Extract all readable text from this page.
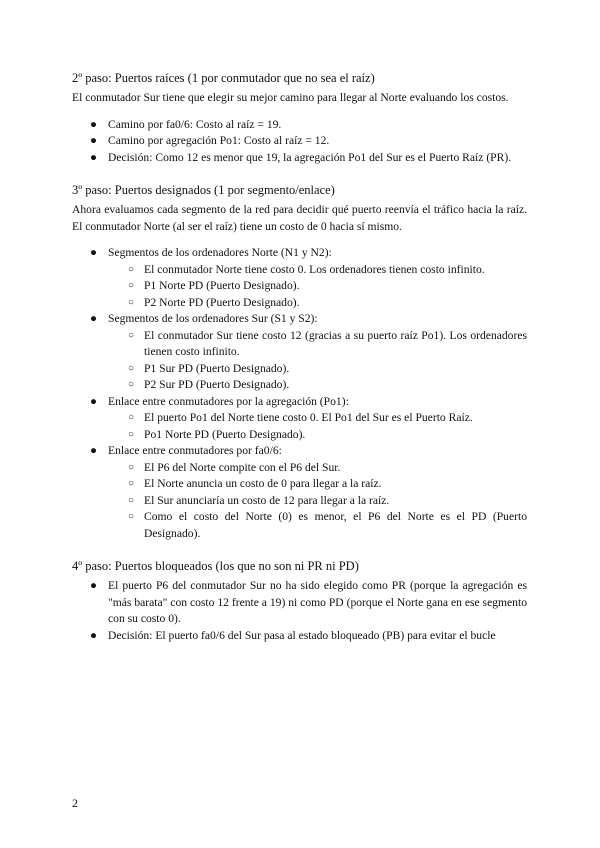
2º paso: Puertos raíces (1 por conmutador que no sea el raíz)
El conmutador Sur tiene que elegir su mejor camino para llegar al Norte evaluando los costos.
● Camino por fa0/6: Costo al raíz = 19.
● Camino por agregación Po1: Costo al raíz = 12.
● Decisión: Como 12 es menor que 19, la agregación Po1 del Sur es el Puerto Raíz (PR).
3º paso: Puertos designados (1 por segmento/enlace)
Ahora evaluamos cada segmento de la red para decidir qué puerto reenvía el tráfico hacia la raíz. El conmutador Norte (al ser el raíz) tiene un costo de 0 hacia sí mismo.
● Segmentos de los ordenadores Norte (N1 y N2):
○ El conmutador Norte tiene costo 0. Los ordenadores tienen costo infinito.
○ P1 Norte PD (Puerto Designado).
○ P2 Norte PD (Puerto Designado).
● Segmentos de los ordenadores Sur (S1 y S2):
○ El conmutador Sur tiene costo 12 (gracias a su puerto raíz Po1). Los ordenadores tienen costo infinito.
○ P1 Sur PD (Puerto Designado).
○ P2 Sur PD (Puerto Designado).
● Enlace entre conmutadores por la agregación (Po1):
○ El puerto Po1 del Norte tiene costo 0. El Po1 del Sur es el Puerto Raíz.
○ Po1 Norte PD (Puerto Designado).
● Enlace entre conmutadores por fa0/6:
○ El P6 del Norte compite con el P6 del Sur.
○ El Norte anuncia un costo de 0 para llegar a la raíz.
○ El Sur anunciaría un costo de 12 para llegar a la raíz.
○ Como el costo del Norte (0) es menor, el P6 del Norte es el PD (Puerto Designado).
4º paso: Puertos bloqueados (los que no son ni PR ni PD)
● El puerto P6 del conmutador Sur no ha sido elegido como PR (porque la agregación es "más barata" con costo 12 frente a 19) ni como PD (porque el Norte gana en ese segmento con su costo 0).
● Decisión: El puerto fa0/6 del Sur pasa al estado bloqueado (PB) para evitar el bucle
2
